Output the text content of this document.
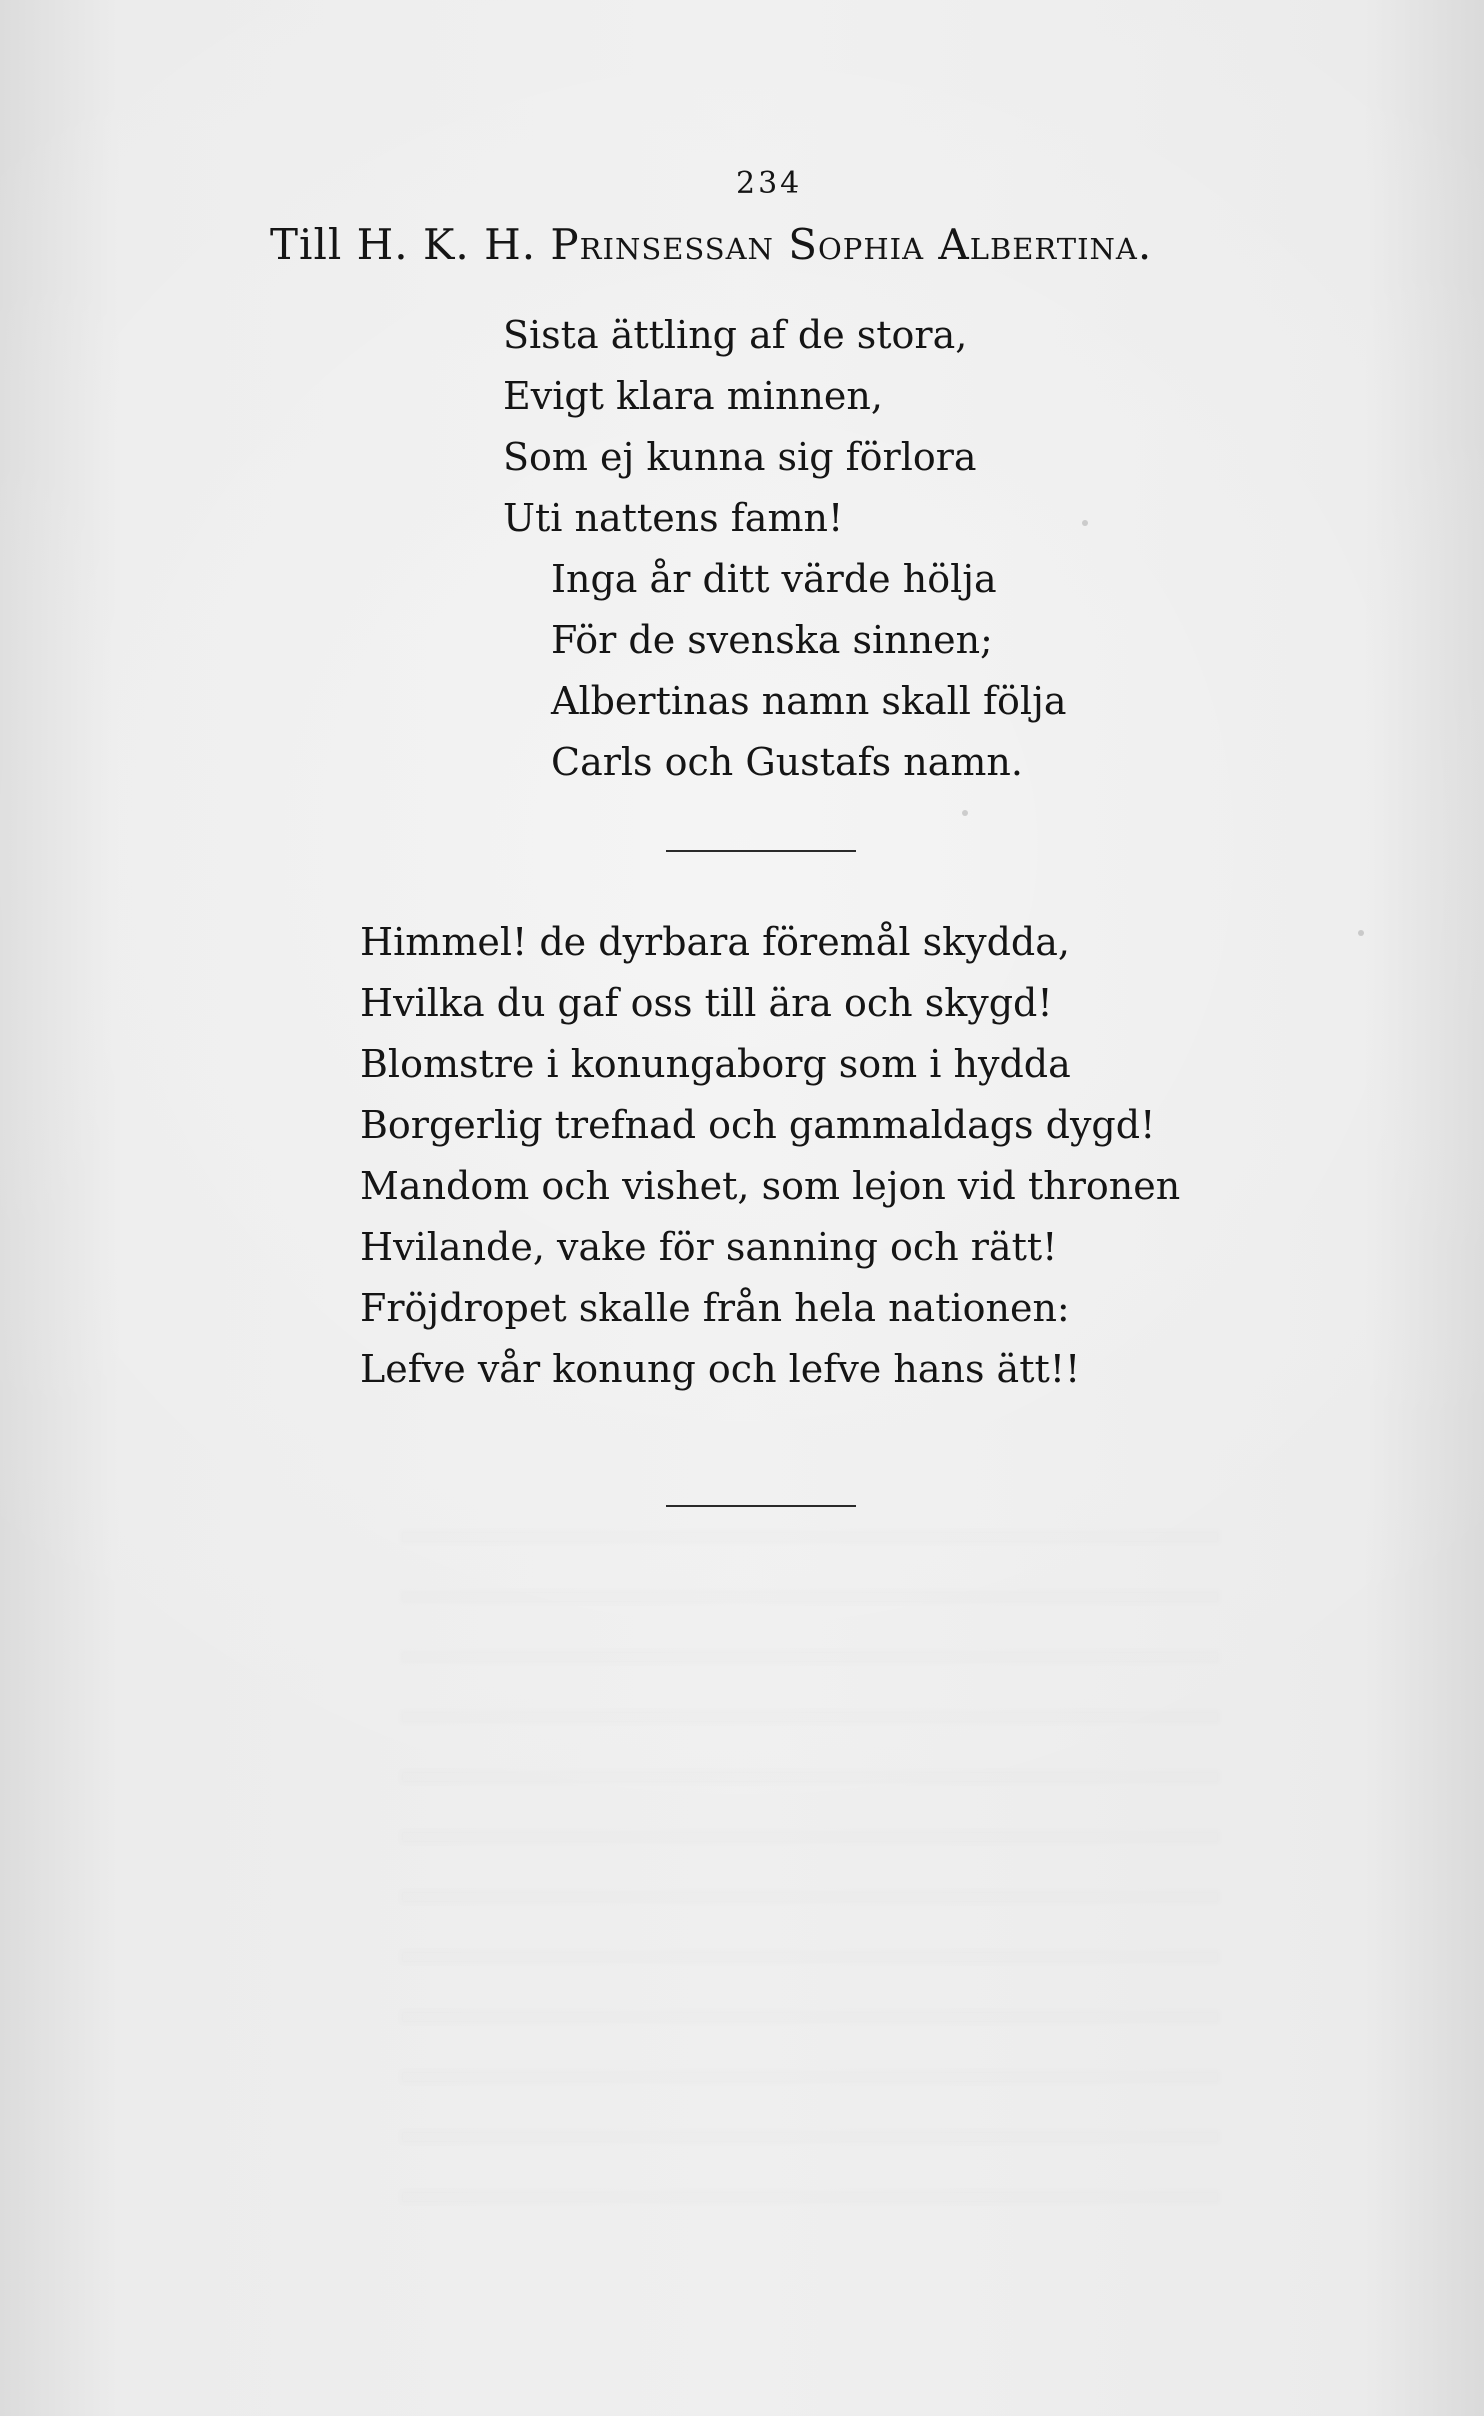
234
Till H. K. H. Prinsessan Sophia Albertina.
Sista ättling af de stora,
Evigt klara minnen,
Som ej kunna sig förlora
Uti nattens famn!
Inga år ditt värde hölja
För de svenska sinnen;
Albertinas namn skall följa
Carls och Gustafs namn.
Himmel! de dyrbara föremål skydda,
Hvilka du gaf oss till ära och skygd!
Blomstre i konungaborg som i hydda
Borgerlig trefnad och gammaldags dygd!
Mandom och vishet, som lejon vid thronen
Hvilande, vake för sanning och rätt!
Fröjdropet skalle från hela nationen:
Lefve vår konung och lefve hans ätt!!
